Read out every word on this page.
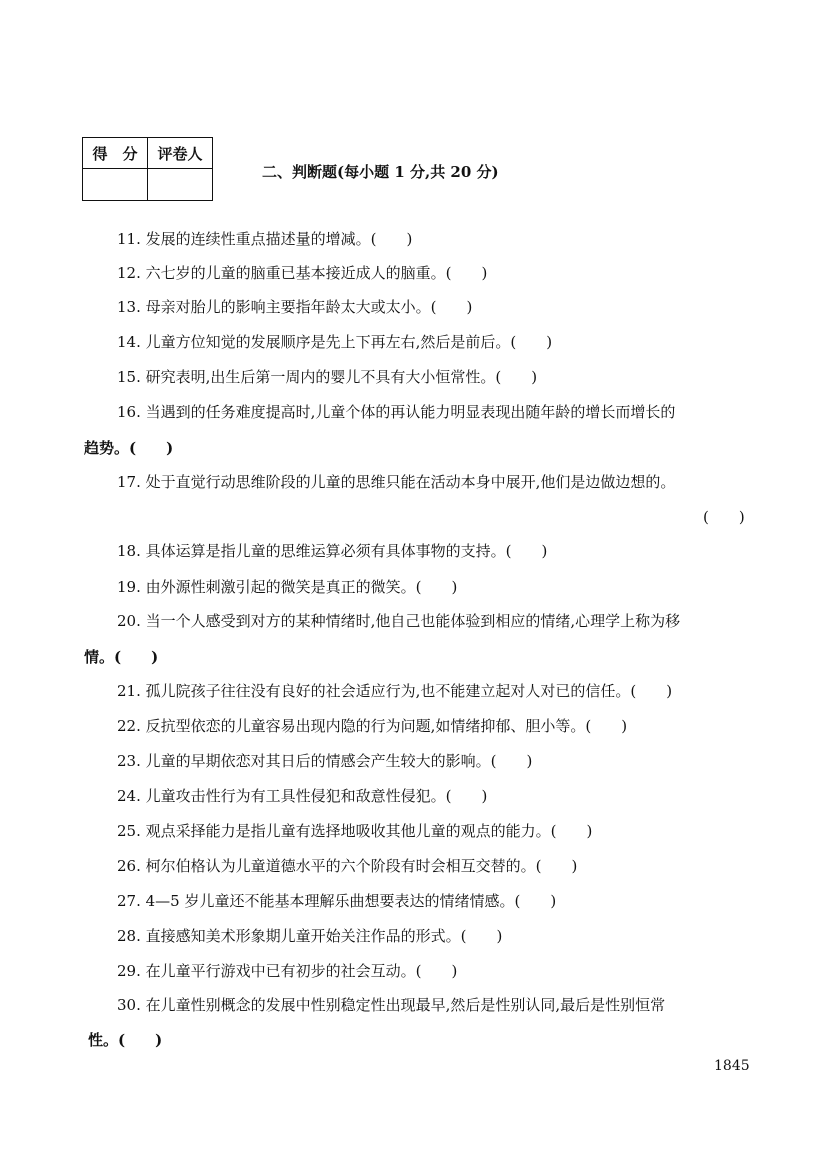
得　分	评卷人

二、判断题(每小题 1 分,共 20 分)
11. 发展的连续性重点描述量的增减。(　　)
12. 六七岁的儿童的脑重已基本接近成人的脑重。(　　)
13. 母亲对胎儿的影响主要指年龄太大或太小。(　　)
14. 儿童方位知觉的发展顺序是先上下再左右,然后是前后。(　　)
15. 研究表明,出生后第一周内的婴儿不具有大小恒常性。(　　)
16. 当遇到的任务难度提高时,儿童个体的再认能力明显表现出随年龄的增长而增长的
趋势。(　　)
17. 处于直觉行动思维阶段的儿童的思维只能在活动本身中展开,他们是边做边想的。
(　　)
18. 具体运算是指儿童的思维运算必须有具体事物的支持。(　　)
19. 由外源性刺激引起的微笑是真正的微笑。(　　)
20. 当一个人感受到对方的某种情绪时,他自己也能体验到相应的情绪,心理学上称为移
情。(　　)
21. 孤儿院孩子往往没有良好的社会适应行为,也不能建立起对人对已的信任。(　　)
22. 反抗型依恋的儿童容易出现内隐的行为问题,如情绪抑郁、胆小等。(　　)
23. 儿童的早期依恋对其日后的情感会产生较大的影响。(　　)
24. 儿童攻击性行为有工具性侵犯和敌意性侵犯。(　　)
25. 观点采择能力是指儿童有选择地吸收其他儿童的观点的能力。(　　)
26. 柯尔伯格认为儿童道德水平的六个阶段有时会相互交替的。(　　)
27. 4—5 岁儿童还不能基本理解乐曲想要表达的情绪情感。(　　)
28. 直接感知美术形象期儿童开始关注作品的形式。(　　)
29. 在儿童平行游戏中已有初步的社会互动。(　　)
30. 在儿童性别概念的发展中性别稳定性出现最早,然后是性别认同,最后是性别恒常
性。(　　)
1845
